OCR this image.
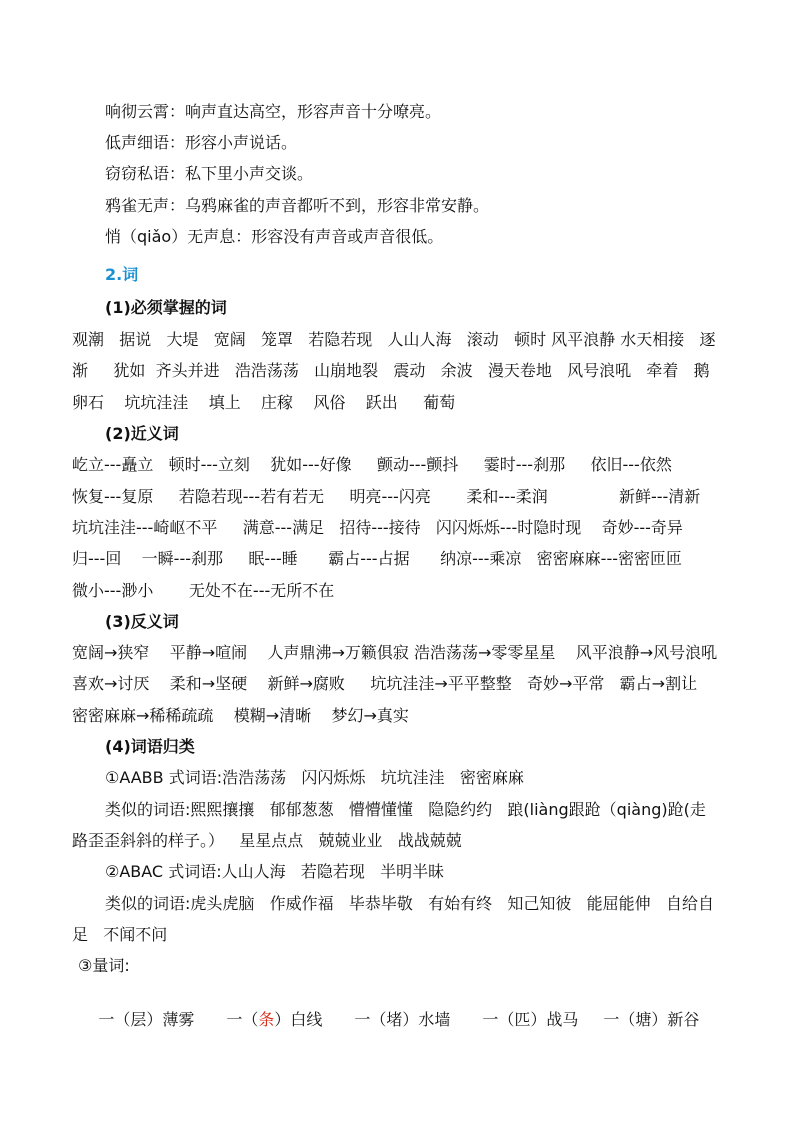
响彻云霄：响声直达高空，形容声音十分嘹亮。
低声细语：形容小声说话。
窃窃私语：私下里小声交谈。
鸦雀无声：乌鸦麻雀的声音都听不到，形容非常安静。
悄（qiǎo）无声息：形容没有声音或声音很低。
2.词
(1)必须掌握的词
观潮   据说   大堤   宽阔   笼罩   若隐若现   人山人海   滚动   顿时 风平浪静 水天相接   逐
渐     犹如  齐头并进   浩浩荡荡   山崩地裂   震动   余波   漫天卷地   风号浪吼   牵着   鹅
卵石    坑坑洼洼    填上    庄稼    风俗    跃出     葡萄
(2)近义词
屹立---矗立   顿时---立刻    犹如---好像     颤动---颤抖     霎时---刹那     依旧---依然
恢复---复原     若隐若现---若有若无     明亮---闪亮       柔和---柔润              新鲜---清新
坑坑洼洼---崎岖不平     满意---满足   招待---接待   闪闪烁烁---时隐时现    奇妙---奇异
归---回    一瞬---刹那     眠---睡      霸占---占据      纳凉---乘凉   密密麻麻---密密匝匝
微小---渺小       无处不在---无所不在
(3)反义词
宽阔→狭窄    平静→喧闹    人声鼎沸→万籁俱寂 浩浩荡荡→零零星星    风平浪静→风号浪吼
喜欢→讨厌    柔和→坚硬    新鲜→腐败     坑坑洼洼→平平整整   奇妙→平常   霸占→割让
密密麻麻→稀稀疏疏    模糊→清晰    梦幻→真实
(4)词语归类
①AABB 式词语:浩浩荡荡   闪闪烁烁   坑坑洼洼   密密麻麻
类似的词语:熙熙攘攘   郁郁葱葱   懵懵懂懂   隐隐约约   踉(liàng跟跄（qiàng)跄(走
路歪歪斜斜的样子。）   星星点点   兢兢业业   战战兢兢
②ABAC 式词语:人山人海   若隐若现   半明半昧
类似的词语:虎头虎脑   作威作福   毕恭毕敬   有始有终   知己知彼   能屈能伸   自给自
足   不闻不问
③量词:

一（层）薄雾
	一（条）白线
	一（堵）水墙
	一（匹）战马
	一（塘）新谷
